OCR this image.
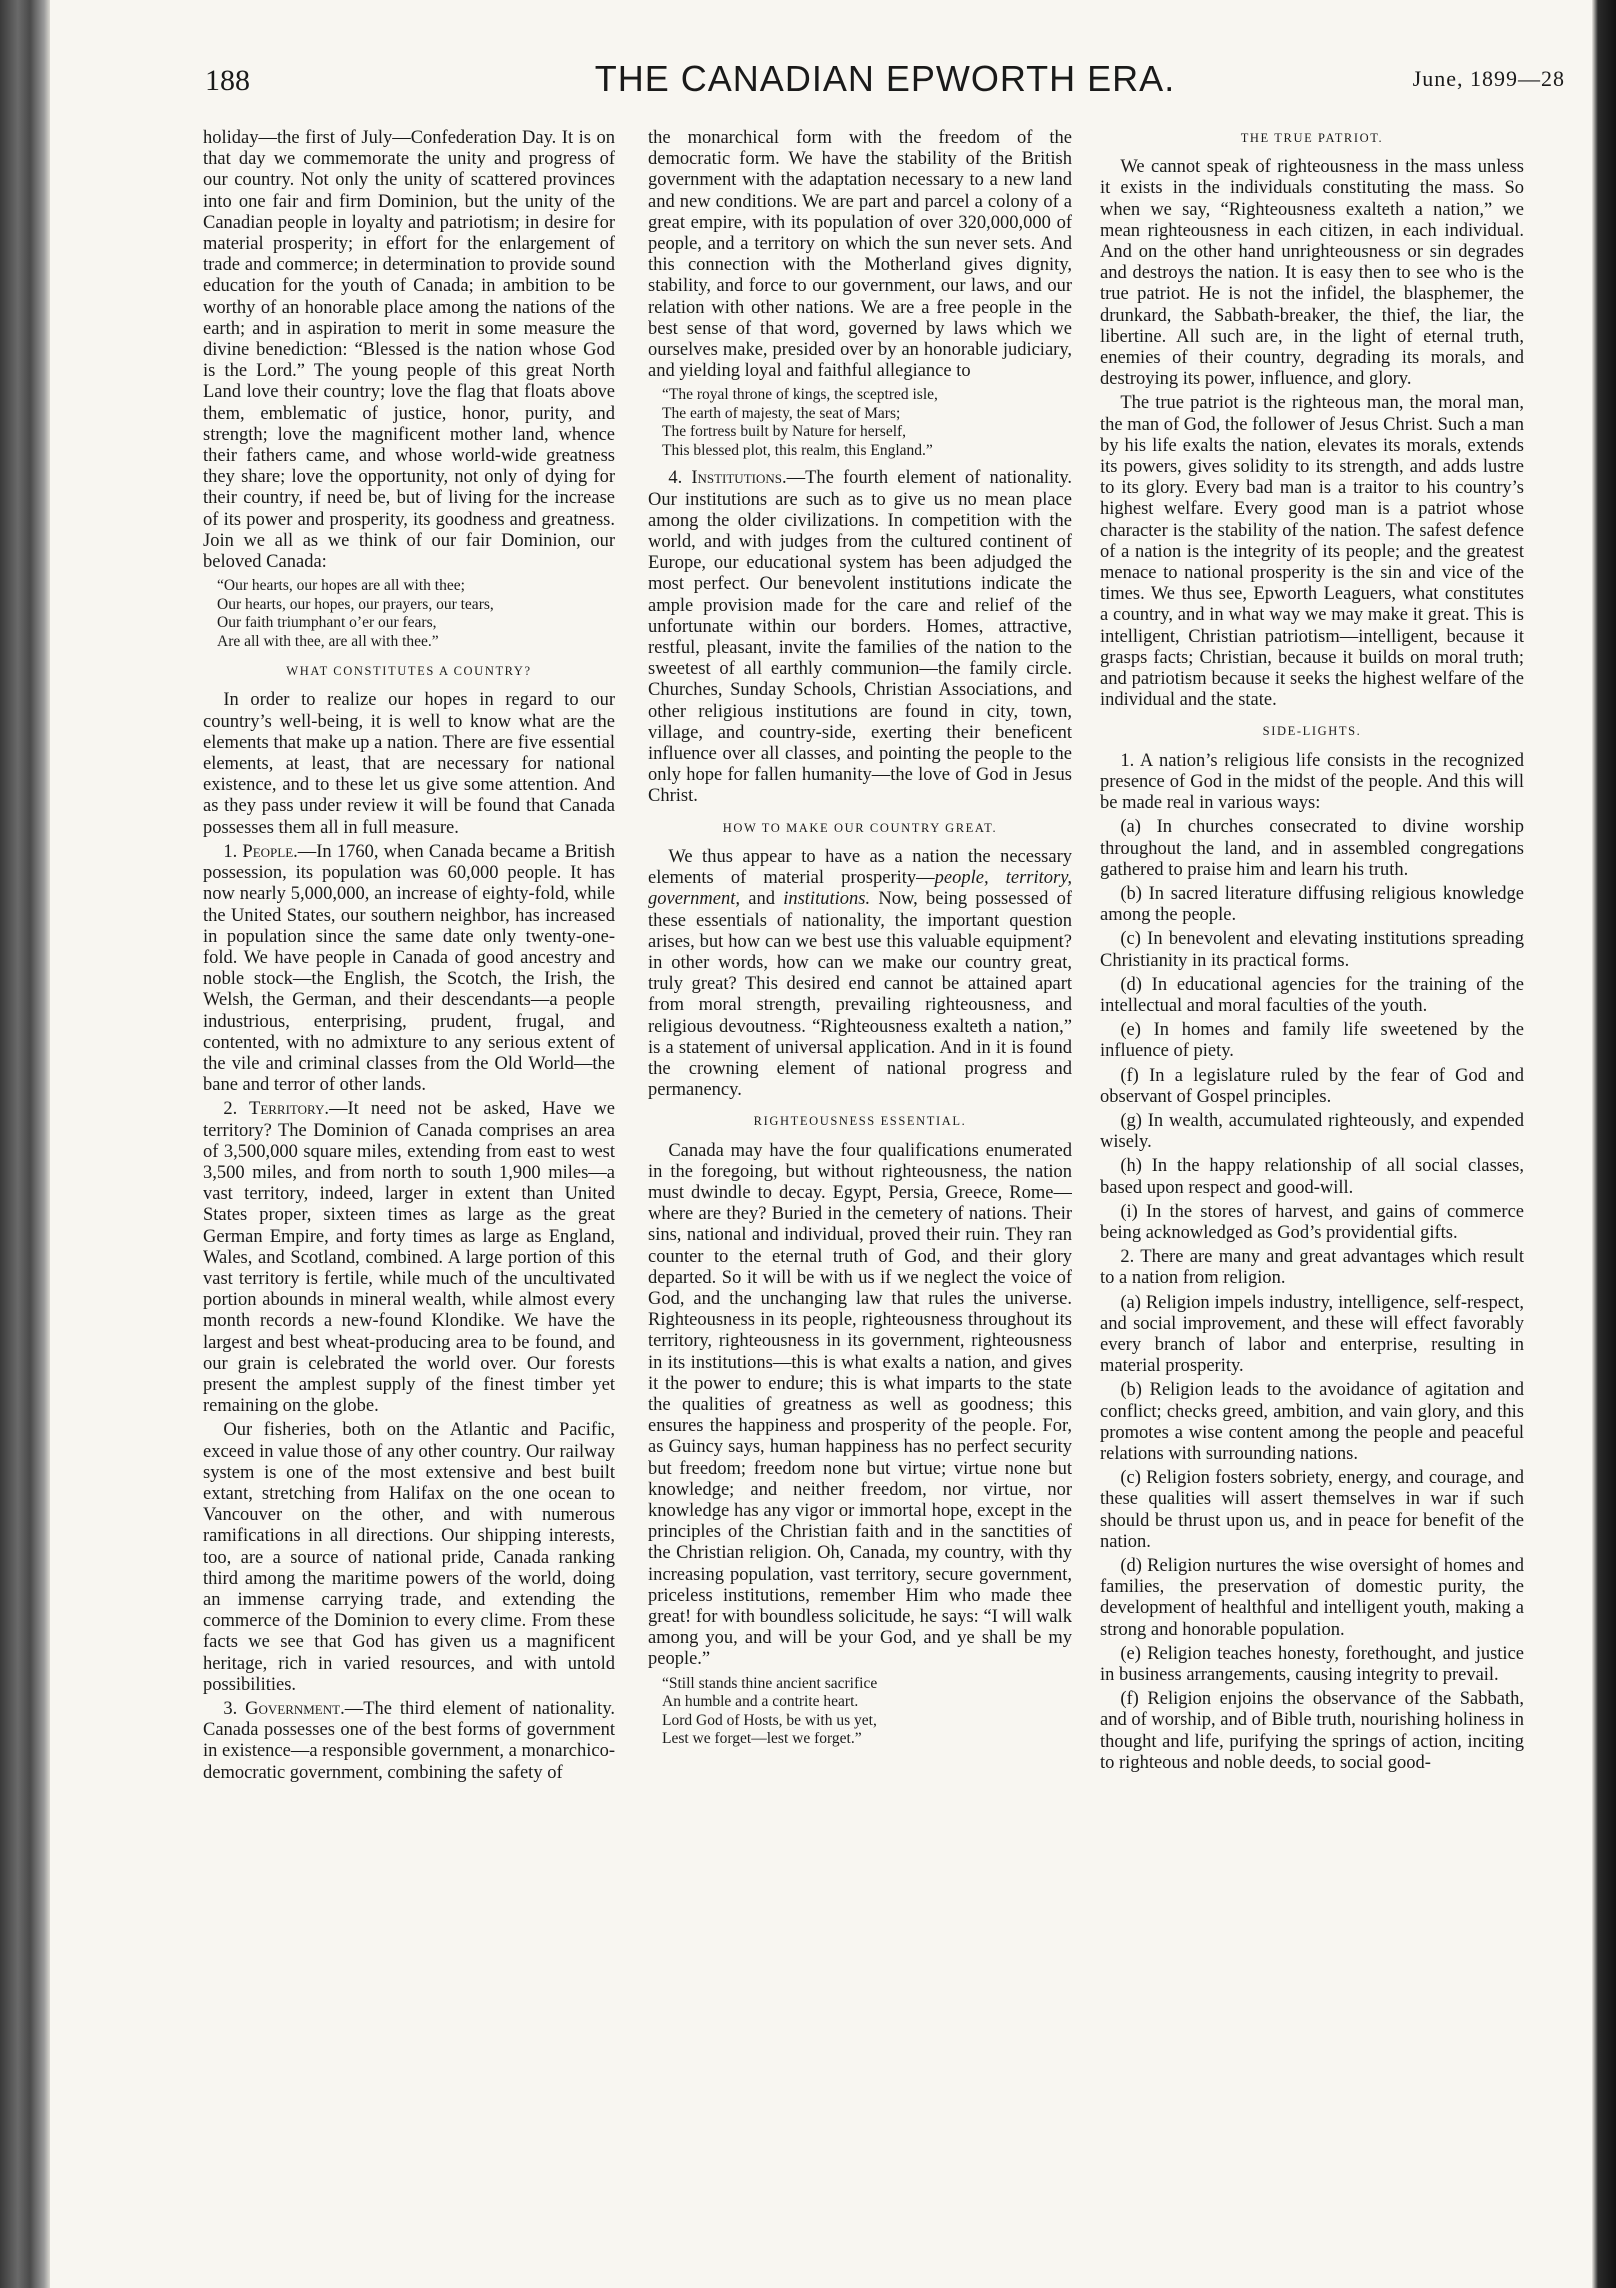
188	THE CANADIAN EPWORTH ERA.	June, 1899—28

holiday—the first of July—Confederation Day. It is on that day we commemorate the unity and progress of our country. Not only the unity of scattered provinces into one fair and firm Dominion, but the unity of the Canadian people in loyalty and patriotism; in desire for material prosperity; in effort for the enlargement of trade and commerce; in determination to provide sound education for the youth of Canada; in ambition to be worthy of an honorable place among the nations of the earth; and in aspiration to merit in some measure the divine benediction: “Blessed is the nation whose God is the Lord.” The young people of this great North Land love their country; love the flag that floats above them, emblematic of justice, honor, purity, and strength; love the magnificent mother land, whence their fathers came, and whose world-wide greatness they share; love the opportunity, not only of dying for their country, if need be, but of living for the increase of its power and prosperity, its goodness and greatness. Join we all as we think of our fair Dominion, our beloved Canada:

“Our hearts, our hopes are all with thee;
Our hearts, our hopes, our prayers, our tears,
Our faith triumphant o’er our fears,
Are all with thee, are all with thee.”
WHAT CONSTITUTES A COUNTRY?

In order to realize our hopes in regard to our country’s well-being, it is well to know what are the elements that make up a nation. There are five essential elements, at least, that are necessary for national existence, and to these let us give some attention. And as they pass under review it will be found that Canada possesses them all in full measure.

1. People.—In 1760, when Canada became a British possession, its population was 60,000 people. It has now nearly 5,000,000, an increase of eighty-fold, while the United States, our southern neighbor, has increased in population since the same date only twenty-one-fold. We have people in Canada of good ancestry and noble stock—the English, the Scotch, the Irish, the Welsh, the German, and their descendants—a people industrious, enterprising, prudent, frugal, and contented, with no admixture to any serious extent of the vile and criminal classes from the Old World—the bane and terror of other lands.

2. Territory.—It need not be asked, Have we territory? The Dominion of Canada comprises an area of 3,500,000 square miles, extending from east to west 3,500 miles, and from north to south 1,900 miles—a vast territory, indeed, larger in extent than United States proper, sixteen times as large as the great German Empire, and forty times as large as England, Wales, and Scotland, combined. A large portion of this vast territory is fertile, while much of the uncultivated portion abounds in mineral wealth, while almost every month records a new-found Klondike. We have the largest and best wheat-producing area to be found, and our grain is celebrated the world over. Our forests present the amplest supply of the finest timber yet remaining on the globe.

Our fisheries, both on the Atlantic and Pacific, exceed in value those of any other country. Our railway system is one of the most extensive and best built extant, stretching from Halifax on the one ocean to Vancouver on the other, and with numerous ramifications in all directions. Our shipping interests, too, are a source of national pride, Canada ranking third among the maritime powers of the world, doing an immense carrying trade, and extending the commerce of the Dominion to every clime. From these facts we see that God has given us a magnificent heritage, rich in varied resources, and with untold possibilities.

3. Government.—The third element of nationality. Canada possesses one of the best forms of government in existence—a responsible government, a monarchico-democratic government, combining the safety of

the monarchical form with the freedom of the democratic form. We have the stability of the British government with the adaptation necessary to a new land and new conditions. We are part and parcel a colony of a great empire, with its population of over 320,000,000 of people, and a territory on which the sun never sets. And this connection with the Motherland gives dignity, stability, and force to our government, our laws, and our relation with other nations. We are a free people in the best sense of that word, governed by laws which we ourselves make, presided over by an honorable judiciary, and yielding loyal and faithful allegiance to

“The royal throne of kings, the sceptred isle,
The earth of majesty, the seat of Mars;
The fortress built by Nature for herself,
This blessed plot, this realm, this England.”

4. Institutions.—The fourth element of nationality. Our institutions are such as to give us no mean place among the older civilizations. In competition with the world, and with judges from the cultured continent of Europe, our educational system has been adjudged the most perfect. Our benevolent institutions indicate the ample provision made for the care and relief of the unfortunate within our borders. Homes, attractive, restful, pleasant, invite the families of the nation to the sweetest of all earthly communion—the family circle. Churches, Sunday Schools, Christian Associations, and other religious institutions are found in city, town, village, and country-side, exerting their beneficent influence over all classes, and pointing the people to the only hope for fallen humanity—the love of God in Jesus Christ.

HOW TO MAKE OUR COUNTRY GREAT.

We thus appear to have as a nation the necessary elements of material prosperity—people, territory, government, and institutions. Now, being possessed of these essentials of nationality, the important question arises, but how can we best use this valuable equipment? in other words, how can we make our country great, truly great? This desired end cannot be attained apart from moral strength, prevailing righteousness, and religious devoutness. “Righteousness exalteth a nation,” is a statement of universal application. And in it is found the crowning element of national progress and permanency.

RIGHTEOUSNESS ESSENTIAL.

Canada may have the four qualifications enumerated in the foregoing, but without righteousness, the nation must dwindle to decay. Egypt, Persia, Greece, Rome—where are they? Buried in the cemetery of nations. Their sins, national and individual, proved their ruin. They ran counter to the eternal truth of God, and their glory departed. So it will be with us if we neglect the voice of God, and the unchanging law that rules the universe. Righteousness in its people, righteousness throughout its territory, righteousness in its government, righteousness in its institutions—this is what exalts a nation, and gives it the power to endure; this is what imparts to the state the qualities of greatness as well as goodness; this ensures the happiness and prosperity of the people. For, as Guincy says, human happiness has no perfect security but freedom; freedom none but virtue; virtue none but knowledge; and neither freedom, nor virtue, nor knowledge has any vigor or immortal hope, except in the principles of the Christian faith and in the sanctities of the Christian religion. Oh, Canada, my country, with thy increasing population, vast territory, secure government, priceless institutions, remember Him who made thee great! for with boundless solicitude, he says: “I will walk among you, and will be your God, and ye shall be my people.”

“Still stands thine ancient sacrifice
An humble and a contrite heart.
Lord God of Hosts, be with us yet,
Lest we forget—lest we forget.”
THE TRUE PATRIOT.

We cannot speak of righteousness in the mass unless it exists in the individuals constituting the mass. So when we say, “Righteousness exalteth a nation,” we mean righteousness in each citizen, in each individual. And on the other hand unrighteousness or sin degrades and destroys the nation. It is easy then to see who is the true patriot. He is not the infidel, the blasphemer, the drunkard, the Sabbath-breaker, the thief, the liar, the libertine. All such are, in the light of eternal truth, enemies of their country, degrading its morals, and destroying its power, influence, and glory.

The true patriot is the righteous man, the moral man, the man of God, the follower of Jesus Christ. Such a man by his life exalts the nation, elevates its morals, extends its powers, gives solidity to its strength, and adds lustre to its glory. Every bad man is a traitor to his country’s highest welfare. Every good man is a patriot whose character is the stability of the nation. The safest defence of a nation is the integrity of its people; and the greatest menace to national prosperity is the sin and vice of the times. We thus see, Epworth Leaguers, what constitutes a country, and in what way we may make it great. This is intelligent, Christian patriotism—intelligent, because it grasps facts; Christian, because it builds on moral truth; and patriotism because it seeks the highest welfare of the individual and the state.

SIDE-LIGHTS.

1. A nation’s religious life consists in the recognized presence of God in the midst of the people. And this will be made real in various ways:

(a) In churches consecrated to divine worship throughout the land, and in assembled congregations gathered to praise him and learn his truth.

(b) In sacred literature diffusing religious knowledge among the people.

(c) In benevolent and elevating institutions spreading Christianity in its practical forms.

(d) In educational agencies for the training of the intellectual and moral faculties of the youth.

(e) In homes and family life sweetened by the influence of piety.

(f) In a legislature ruled by the fear of God and observant of Gospel principles.

(g) In wealth, accumulated righteously, and expended wisely.

(h) In the happy relationship of all social classes, based upon respect and good-will.

(i) In the stores of harvest, and gains of commerce being acknowledged as God’s providential gifts.

2. There are many and great advantages which result to a nation from religion.

(a) Religion impels industry, intelligence, self-respect, and social improvement, and these will effect favorably every branch of labor and enterprise, resulting in material prosperity.

(b) Religion leads to the avoidance of agitation and conflict; checks greed, ambition, and vain glory, and this promotes a wise content among the people and peaceful relations with surrounding nations.

(c) Religion fosters sobriety, energy, and courage, and these qualities will assert themselves in war if such should be thrust upon us, and in peace for benefit of the nation.

(d) Religion nurtures the wise oversight of homes and families, the preservation of domestic purity, the development of healthful and intelligent youth, making a strong and honorable population.

(e) Religion teaches honesty, forethought, and justice in business arrangements, causing integrity to prevail.

(f) Religion enjoins the observance of the Sabbath, and of worship, and of Bible truth, nourishing holiness in thought and life, purifying the springs of action, inciting to righteous and noble deeds, to social good-
